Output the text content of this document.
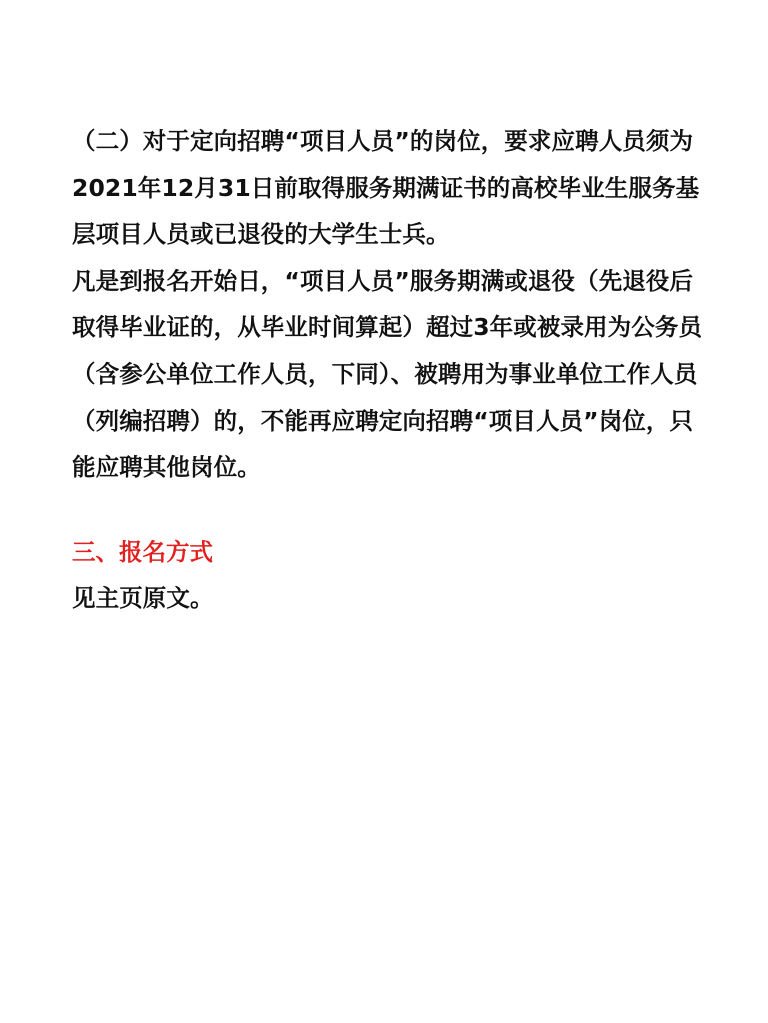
（二）对于定向招聘“项目人员”的岗位，要求应聘人员须为2021年12月31日前取得服务期满证书的高校毕业生服务基层项目人员或已退役的大学生士兵。

凡是到报名开始日，“项目人员”服务期满或退役（先退役后取得毕业证的，从毕业时间算起）超过3年或被录用为公务员（含参公单位工作人员，下同）、被聘用为事业单位工作人员（列编招聘）的，不能再应聘定向招聘“项目人员”岗位，只能应聘其他岗位。

三、报名方式

见主页原文。
